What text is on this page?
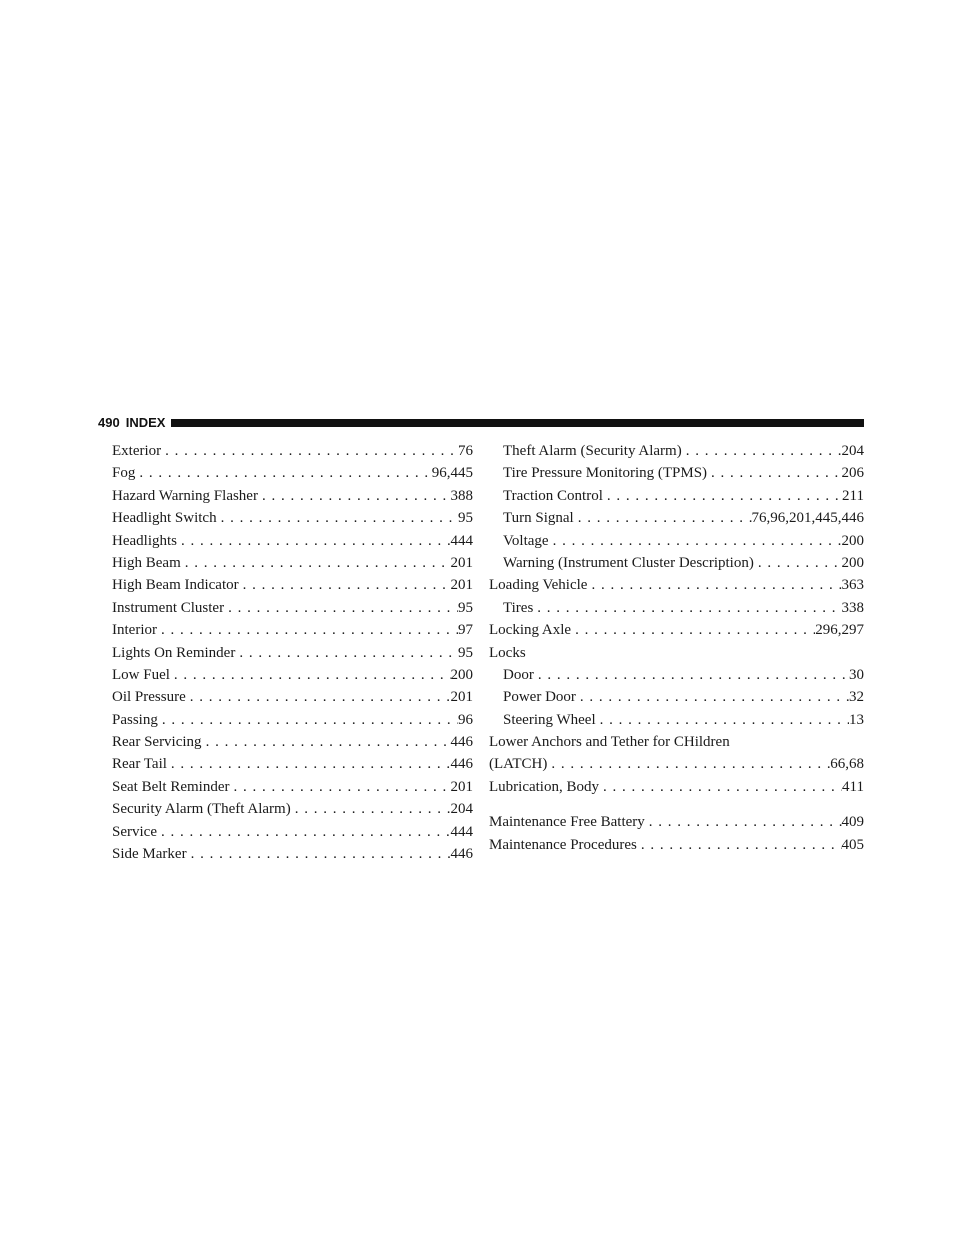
490 INDEX
Exterior . . .	76
Fog . . .	96,445
Hazard Warning Flasher . . .	388
Headlight Switch . . .	95
Headlights . . .	444
High Beam . . .	201
High Beam Indicator . . .	201
Instrument Cluster . . .	95
Interior . . .	97
Lights On Reminder . . .	95
Low Fuel . . .	200
Oil Pressure . . .	201
Passing . . .	96
Rear Servicing . . .	446
Rear Tail . . .	446
Seat Belt Reminder . . .	201
Security Alarm (Theft Alarm) . . .	204
Service . . .	444
Side Marker . . .	446
Theft Alarm (Security Alarm) . . .	204
Tire Pressure Monitoring (TPMS) . . .	206
Traction Control . . .	211
Turn Signal . . .	76,96,201,445,446
Voltage . . .	200
Warning (Instrument Cluster Description) . . .	200
Loading Vehicle . . .	363
Tires . . .	338
Locking Axle . . .	296,297
Locks
Door . . .	30
Power Door . . .	32
Steering Wheel . . .	13
Lower Anchors and Tether for CHildren
(LATCH) . . .	66,68
Lubrication, Body . . .	411
Maintenance Free Battery . . .	409
Maintenance Procedures . . .	405
